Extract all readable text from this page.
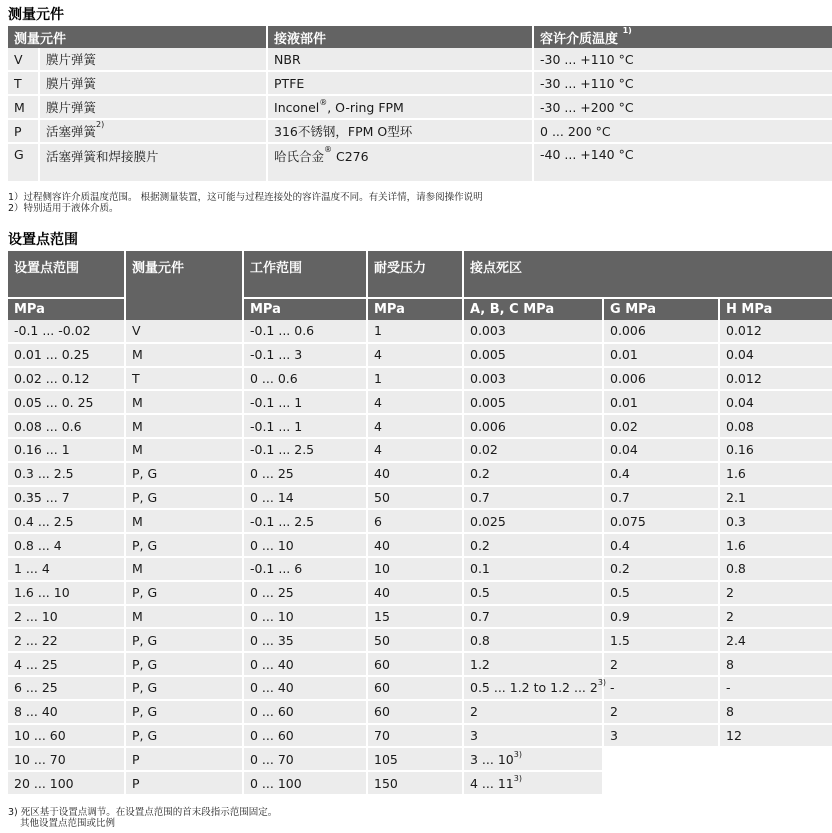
测量元件
测量元件		接液部件	容许介质温度 $^{1)}$
V	膜片弹簧	NBR	-30 ... +110 °C
T	膜片弹簧	PTFE	-30 ... +110 °C
M	膜片弹簧	Inconel®, O-ring FPM	-30 ... +200 °C
P	活塞弹簧$^{2)}$	316不锈钢，FPM O型环	0 ... 200 °C
G	活塞弹簧和焊接膜片	哈氏合金® C276	-40 ... +140 °C
1）过程侧容许介质温度范围。 根据测量装置，这可能与过程连接处的容许温度不同。有关详情，请参阅操作说明
2）特别适用于液体介质。
设置点范围
设置点范围	测量元件	工作范围	耐受压力	接点死区		
MPa		MPa	MPa	A, B, C MPa	G MPa	H MPa
-0.1 ... -0.02	V	-0.1 ... 0.6	1	0.003	0.006	0.012
0.01 ... 0.25	M	-0.1 ... 3	4	0.005	0.01	0.04
0.02 ... 0.12	T	0 ... 0.6	1	0.003	0.006	0.012
0.05 ... 0. 25	M	-0.1 ... 1	4	0.005	0.01	0.04
0.08 ... 0.6	M	-0.1 ... 1	4	0.006	0.02	0.08
0.16 ... 1	M	-0.1 ... 2.5	4	0.02	0.04	0.16
0.3 ... 2.5	P, G	0 ... 25	40	0.2	0.4	1.6
0.35 ... 7	P, G	0 ... 14	50	0.7	0.7	2.1
0.4 ... 2.5	M	-0.1 ... 2.5	6	0.025	0.075	0.3
0.8 ... 4	P, G	0 ... 10	40	0.2	0.4	1.6
1 ... 4	M	-0.1 ... 6	10	0.1	0.2	0.8
1.6 ... 10	P, G	0 ... 25	40	0.5	0.5	2
2 ... 10	M	0 ... 10	15	0.7	0.9	2
2 ... 22	P, G	0 ... 35	50	0.8	1.5	2.4
4 ... 25	P, G	0 ... 40	60	1.2	2	8
6 ... 25	P, G	0 ... 40	60	0.5 ... 1.2 to 1.2 ... 2$^{3)}$	-	-
8 ... 40	P, G	0 ... 60	60	2	2	8
10 ... 60	P, G	0 ... 60	70	3	3	12
10 ... 70	P	0 ... 70	105	3 ... 10$^{3)}$		
20 ... 100	P	0 ... 100	150	4 ... 11$^{3)}$		
3) 死区基于设置点调节。在设置点范围的首末段指示范围固定。
其他设置点范围或比例
